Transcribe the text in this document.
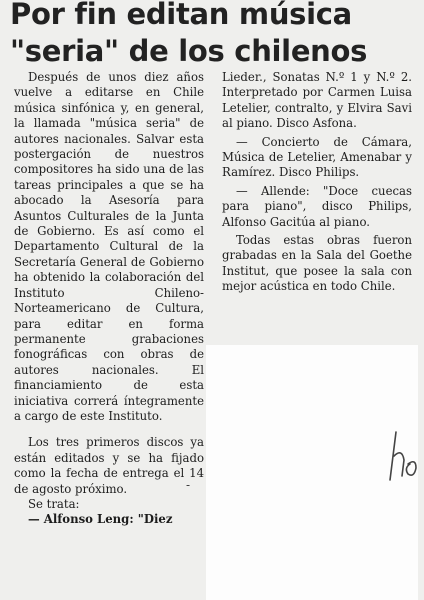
Por fin editan música
"seria" de los chilenos

Después de unos diez años vuelve a editarse en Chile música sinfónica y, en general, la llamada "música seria" de autores nacionales. Salvar esta postergación de nuestros compositores ha sido una de las tareas principales a que se ha abocado la Asesoría para Asuntos Culturales de la Junta de Gobierno. Es así como el Departamento Cultural de la Secretaría General de Gobierno ha obtenido la colaboración del Instituto Chileno-Norteamericano de Cultura, para editar en forma permanente grabaciones fonográficas con obras de autores nacionales. El financiamiento de esta iniciativa correrá íntegramente a cargo de este Instituto.

Los tres primeros discos ya están editados y se ha fijado como la fecha de entrega el 14 de agosto próximo.

Se trata:

— Alfonso Leng: "Diez

Lieder., Sonatas N.º 1 y N.º 2. Interpretado por Carmen Luisa Letelier, contralto, y Elvira Savi al piano. Disco Asfona.

— Concierto de Cámara, Música de Letelier, Amenabar y Ramírez. Disco Philips.

— Allende: "Doce cuecas para piano", disco Philips, Alfonso Gacitúa al piano.

Todas estas obras fueron grabadas en la Sala del Goethe Institut, que posee la sala con mejor acústica en todo Chile.

-
